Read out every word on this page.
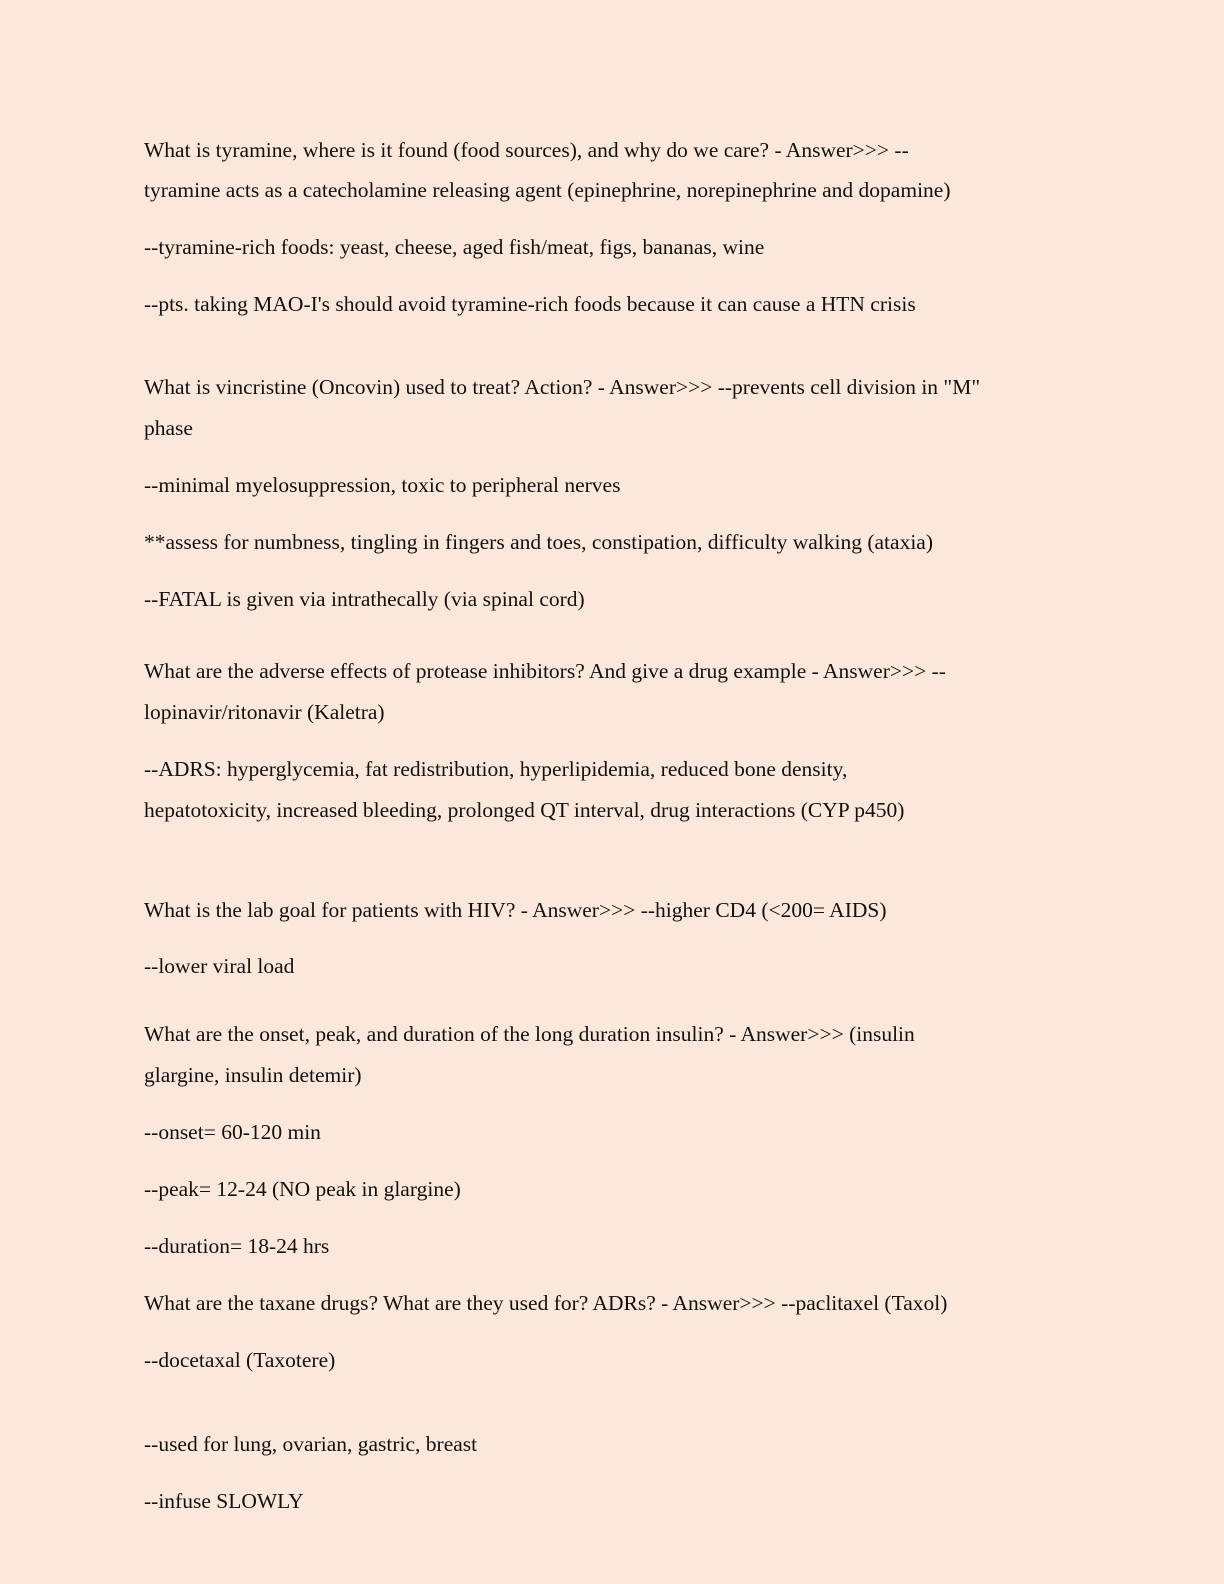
What is tyramine, where is it found (food sources), and why do we care? - Answer>>> --
tyramine acts as a catecholamine releasing agent (epinephrine, norepinephrine and dopamine)
--tyramine-rich foods: yeast, cheese, aged fish/meat, figs, bananas, wine
--pts. taking MAO-I's should avoid tyramine-rich foods because it can cause a HTN crisis
What is vincristine (Oncovin) used to treat? Action? - Answer>>> --prevents cell division in "M"
phase
--minimal myelosuppression, toxic to peripheral nerves
**assess for numbness, tingling in fingers and toes, constipation, difficulty walking (ataxia)
--FATAL is given via intrathecally (via spinal cord)
What are the adverse effects of protease inhibitors? And give a drug example - Answer>>> --
lopinavir/ritonavir (Kaletra)
--ADRS: hyperglycemia, fat redistribution, hyperlipidemia, reduced bone density,
hepatotoxicity, increased bleeding, prolonged QT interval, drug interactions (CYP p450)
What is the lab goal for patients with HIV? - Answer>>> --higher CD4 (<200= AIDS)
--lower viral load
What are the onset, peak, and duration of the long duration insulin? - Answer>>> (insulin
glargine, insulin detemir)
--onset= 60-120 min
--peak= 12-24 (NO peak in glargine)
--duration= 18-24 hrs
What are the taxane drugs? What are they used for? ADRs? - Answer>>> --paclitaxel (Taxol)
--docetaxal (Taxotere)
--used for lung, ovarian, gastric, breast
--infuse SLOWLY
